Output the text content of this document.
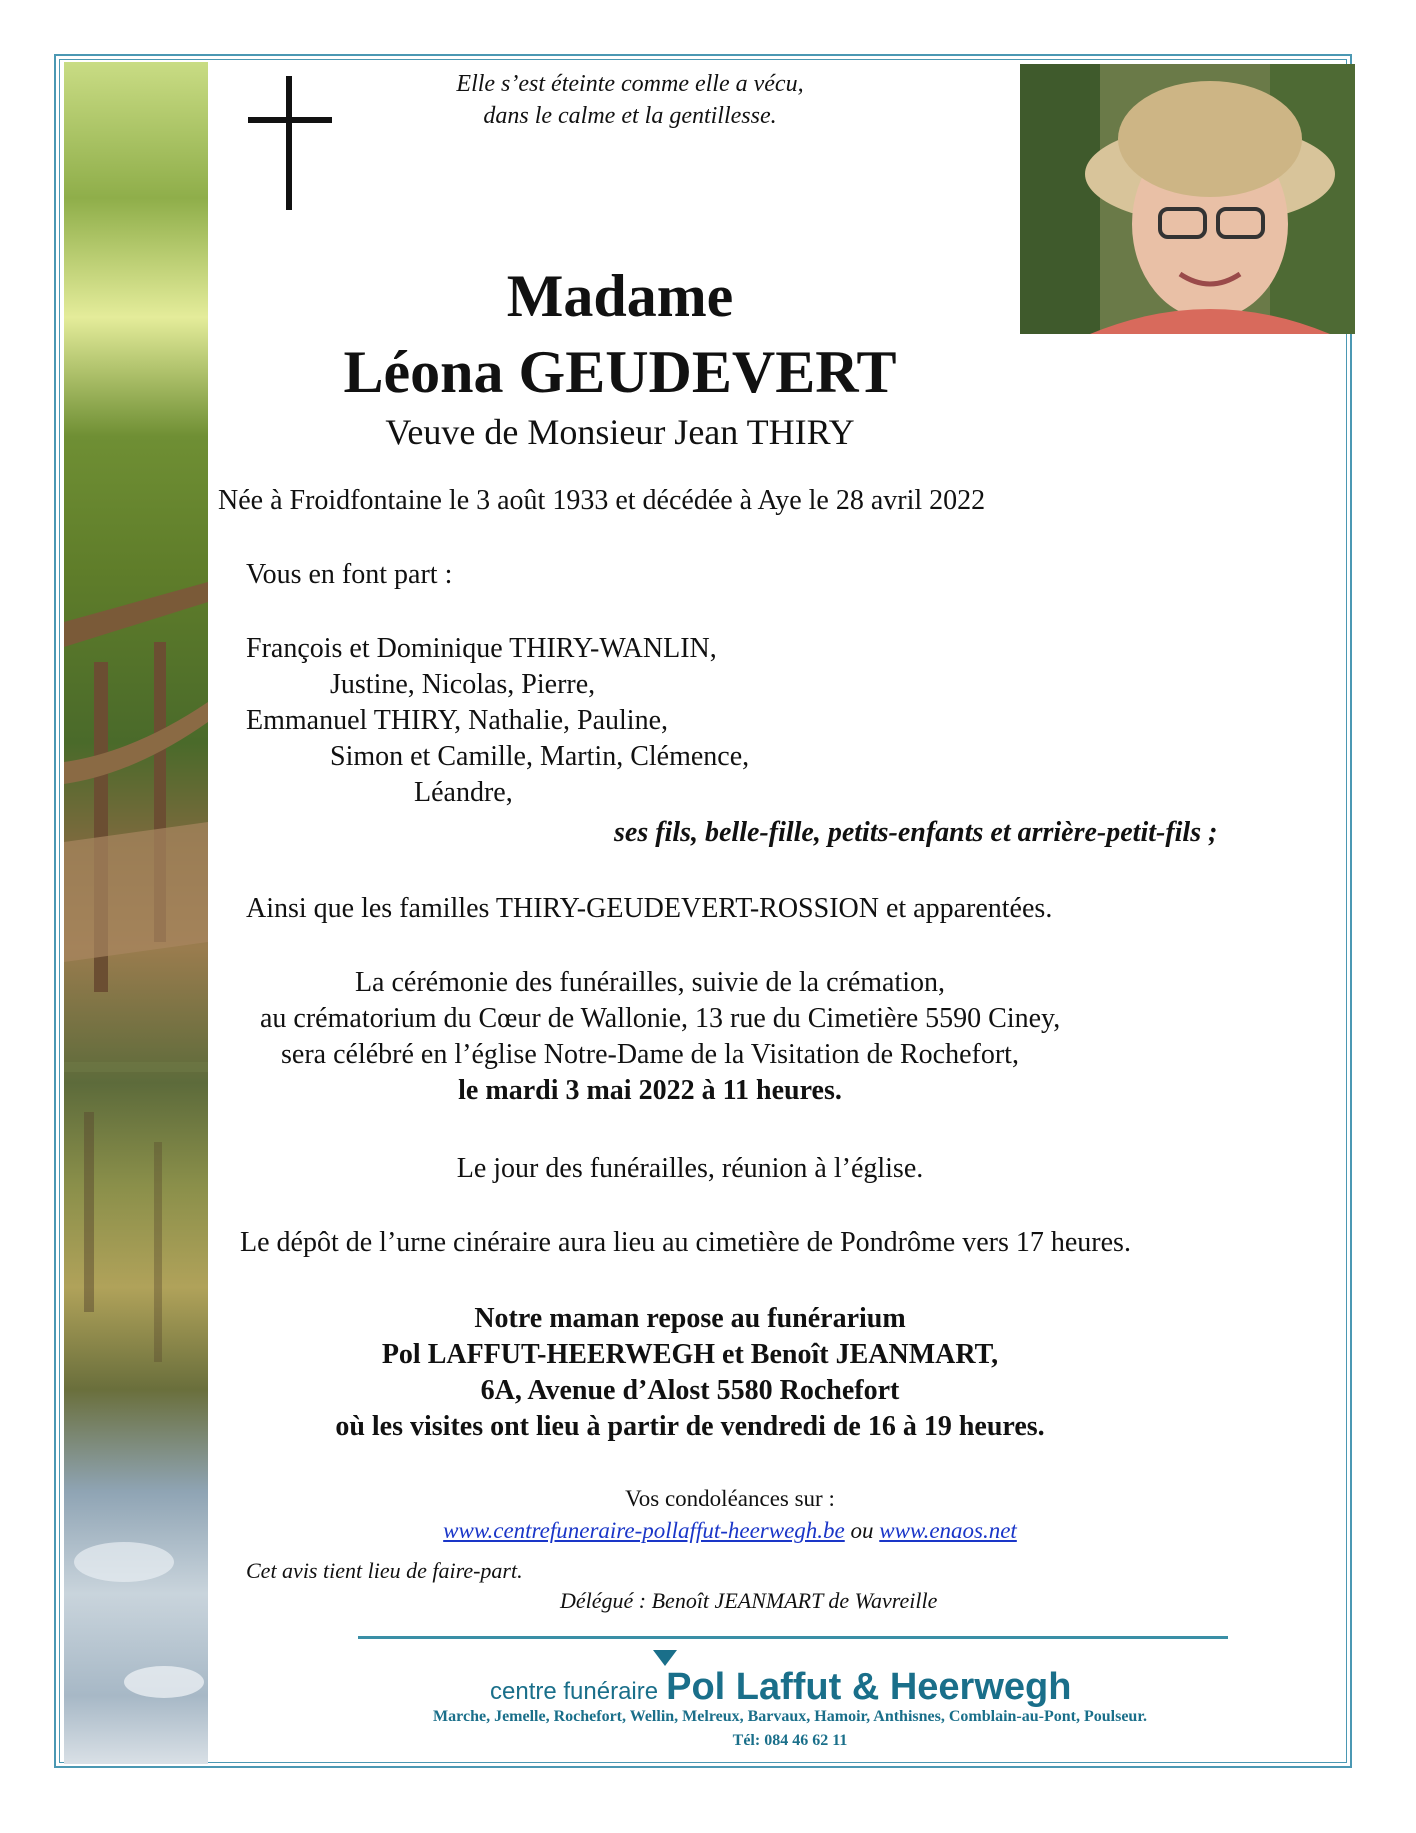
Elle s’est éteinte comme elle a vécu,
dans le calme et la gentillesse.
Madame
Léona GEUDEVERT
Veuve de Monsieur Jean THIRY
Née à Froidfontaine le 3 août 1933 et décédée à Aye le 28 avril 2022
Vous en font part :
François et Dominique THIRY-WANLIN,
Justine, Nicolas, Pierre,
Emmanuel THIRY, Nathalie, Pauline,
Simon et Camille, Martin, Clémence,
Léandre,
ses fils, belle-fille, petits-enfants et arrière-petit-fils ;
Ainsi que les familles THIRY-GEUDEVERT-ROSSION et apparentées.
La cérémonie des funérailles, suivie de la crémation,
au crématorium du Cœur de Wallonie, 13 rue du Cimetière 5590 Ciney,
sera célébré en l’église Notre-Dame de la Visitation de Rochefort,
le mardi 3 mai 2022 à 11 heures.
Le jour des funérailles, réunion à l’église.
Le dépôt de l’urne cinéraire aura lieu au cimetière de Pondrôme vers 17 heures.
Notre maman repose au funérarium
Pol LAFFUT-HEERWEGH et Benoît JEANMART,
6A, Avenue d’Alost 5580 Rochefort
où les visites ont lieu à partir de vendredi de 16 à 19 heures.
Vos condoléances sur :
www.centrefuneraire-pollaffut-heerwegh.be ou www.enaos.net
Cet avis tient lieu de faire-part.
Délégué : Benoît JEANMART de Wavreille
centre funéraire Pol Laffut & Heerwegh
Marche, Jemelle, Rochefort, Wellin, Melreux, Barvaux, Hamoir, Anthisnes, Comblain-au-Pont, Poulseur.
Tél: 084 46 62 11
